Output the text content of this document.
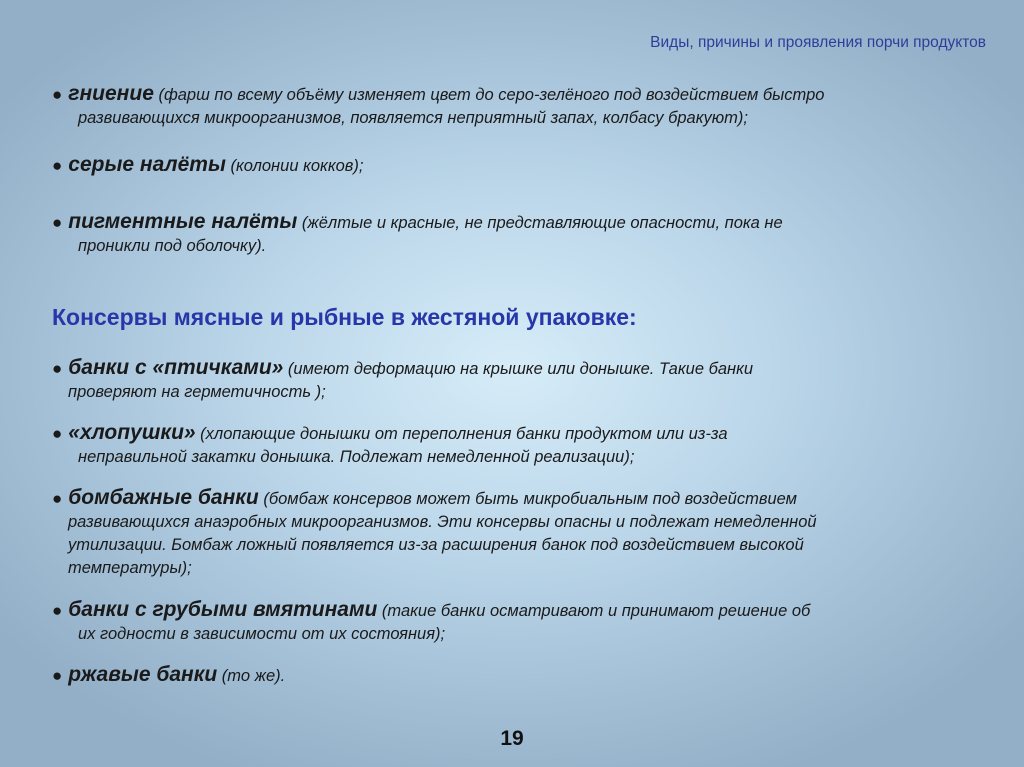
Виды, причины и проявления порчи продуктов
● гниение (фарш по всему объёму изменяет цвет до серо-зелёного под воздействием быстро
развивающихся микроорганизмов, появляется неприятный запах, колбасу бракуют);
● серые налёты (колонии кокков);
● пигментные налёты (жёлтые и красные, не представляющие опасности, пока не
проникли под оболочку).
Консервы мясные и рыбные в жестяной упаковке:
● банки с «птичками» (имеют деформацию на крышке или донышке. Такие банки
проверяют на герметичность );
● «хлопушки» (хлопающие донышки от переполнения банки продуктом или из-за
неправильной закатки донышка. Подлежат немедленной реализации);
● бомбажные банки (бомбаж консервов может быть микробиальным под воздействием
развивающихся анаэробных микроорганизмов. Эти консервы опасны и подлежат немедленной
утилизации. Бомбаж ложный появляется из-за расширения банок под воздействием высокой
температуры);
● банки с грубыми вмятинами (такие банки осматривают и принимают решение об
их годности в зависимости от их состояния);
● ржавые банки (то же).
19
